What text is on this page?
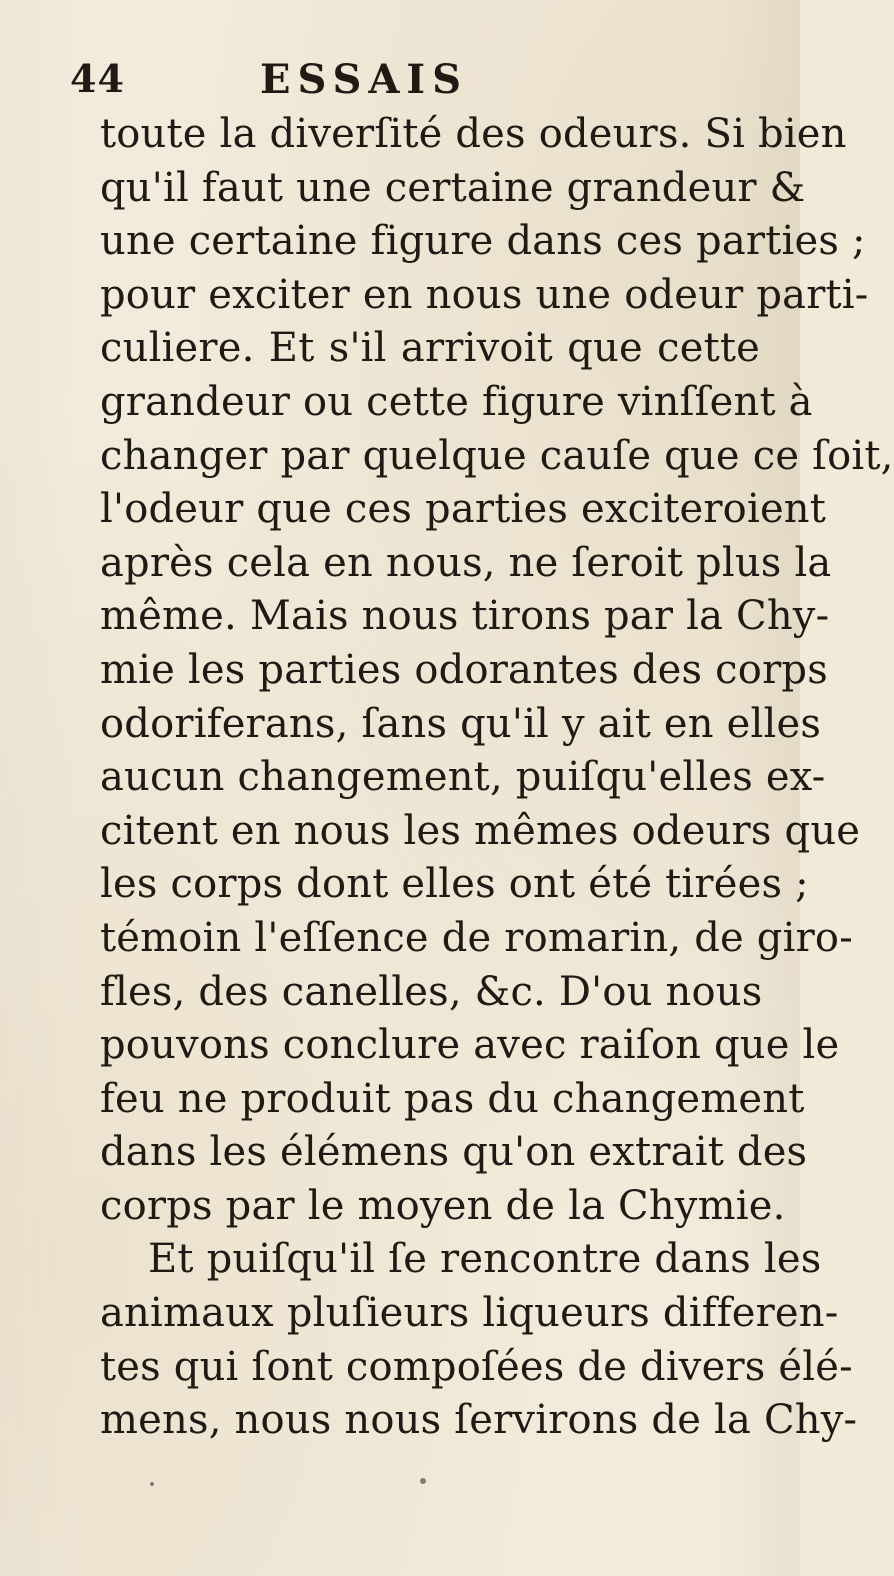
44	ESSAIS
toute la diverſité des odeurs. Si bien
qu'il faut une certaine grandeur &
une certaine figure dans ces parties ;
pour exciter en nous une odeur parti-
culiere. Et s'il arrivoit que cette
grandeur ou cette figure vinſſent à
changer par quelque cauſe que ce ſoit,
l'odeur que ces parties exciteroient
après cela en nous, ne ſeroit plus la
même. Mais nous tirons par la Chy-
mie les parties odorantes des corps
odoriferans, ſans qu'il y ait en elles
aucun changement, puiſqu'elles ex-
citent en nous les mêmes odeurs que
les corps dont elles ont été tirées ;
témoin l'eſſence de romarin, de giro-
fles, des canelles, &c. D'ou nous
pouvons conclure avec raiſon que le
feu ne produit pas du changement
dans les élémens qu'on extrait des
corps par le moyen de la Chymie.
Et puiſqu'il ſe rencontre dans les
animaux pluſieurs liqueurs differen-
tes qui ſont compoſées de divers élé-
mens, nous nous ſervirons de la Chy-
